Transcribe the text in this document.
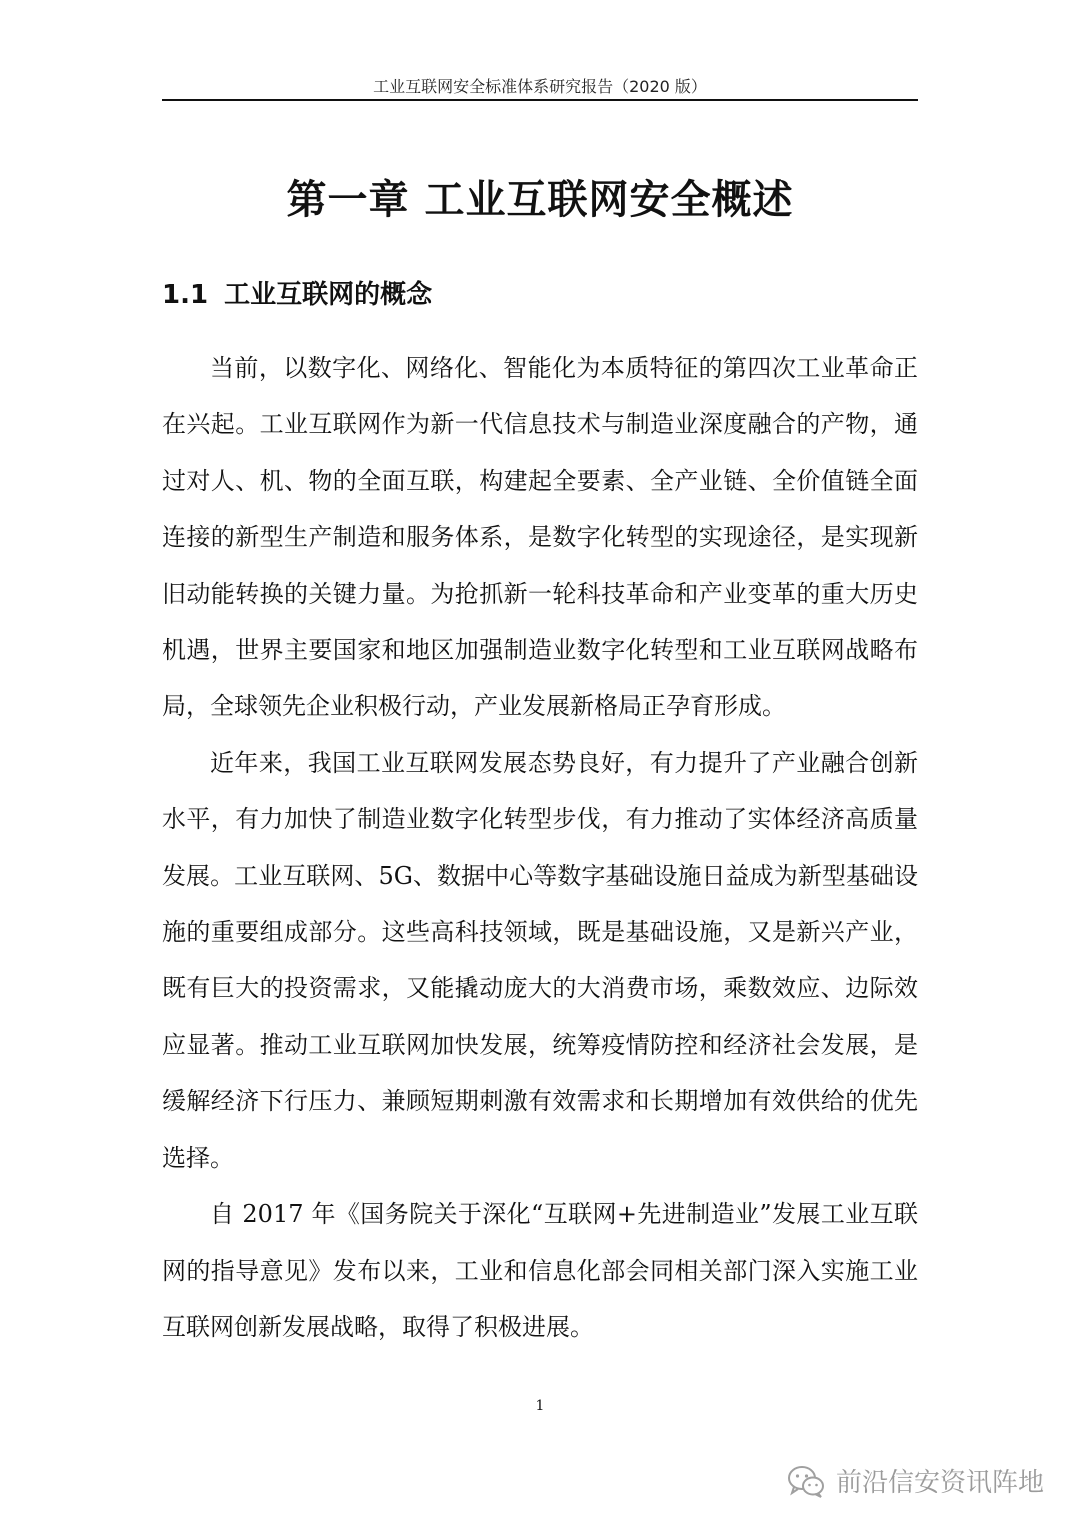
工业互联网安全标准体系研究报告（2020 版）
第一章 工业互联网安全概述
1.1 工业互联网的概念

当前，以数字化、网络化、智能化为本质特征的第四次工业革命正在兴起。工业互联网作为新一代信息技术与制造业深度融合的产物，通过对人、机、物的全面互联，构建起全要素、全产业链、全价值链全面连接的新型生产制造和服务体系，是数字化转型的实现途径，是实现新旧动能转换的关键力量。为抢抓新一轮科技革命和产业变革的重大历史机遇，世界主要国家和地区加强制造业数字化转型和工业互联网战略布局，全球领先企业积极行动，产业发展新格局正孕育形成。

近年来，我国工业互联网发展态势良好，有力提升了产业融合创新水平，有力加快了制造业数字化转型步伐，有力推动了实体经济高质量发展。工业互联网、5G、数据中心等数字基础设施日益成为新型基础设施的重要组成部分。这些高科技领域，既是基础设施，又是新兴产业，既有巨大的投资需求，又能撬动庞大的大消费市场，乘数效应、边际效应显著。推动工业互联网加快发展，统筹疫情防控和经济社会发展，是缓解经济下行压力、兼顾短期刺激有效需求和长期增加有效供给的优先选择。

自 2017 年《国务院关于深化“互联网+先进制造业”发展工业互联网的指导意见》发布以来，工业和信息化部会同相关部门深入实施工业互联网创新发展战略，取得了积极进展。

1
前沿信安资讯阵地
